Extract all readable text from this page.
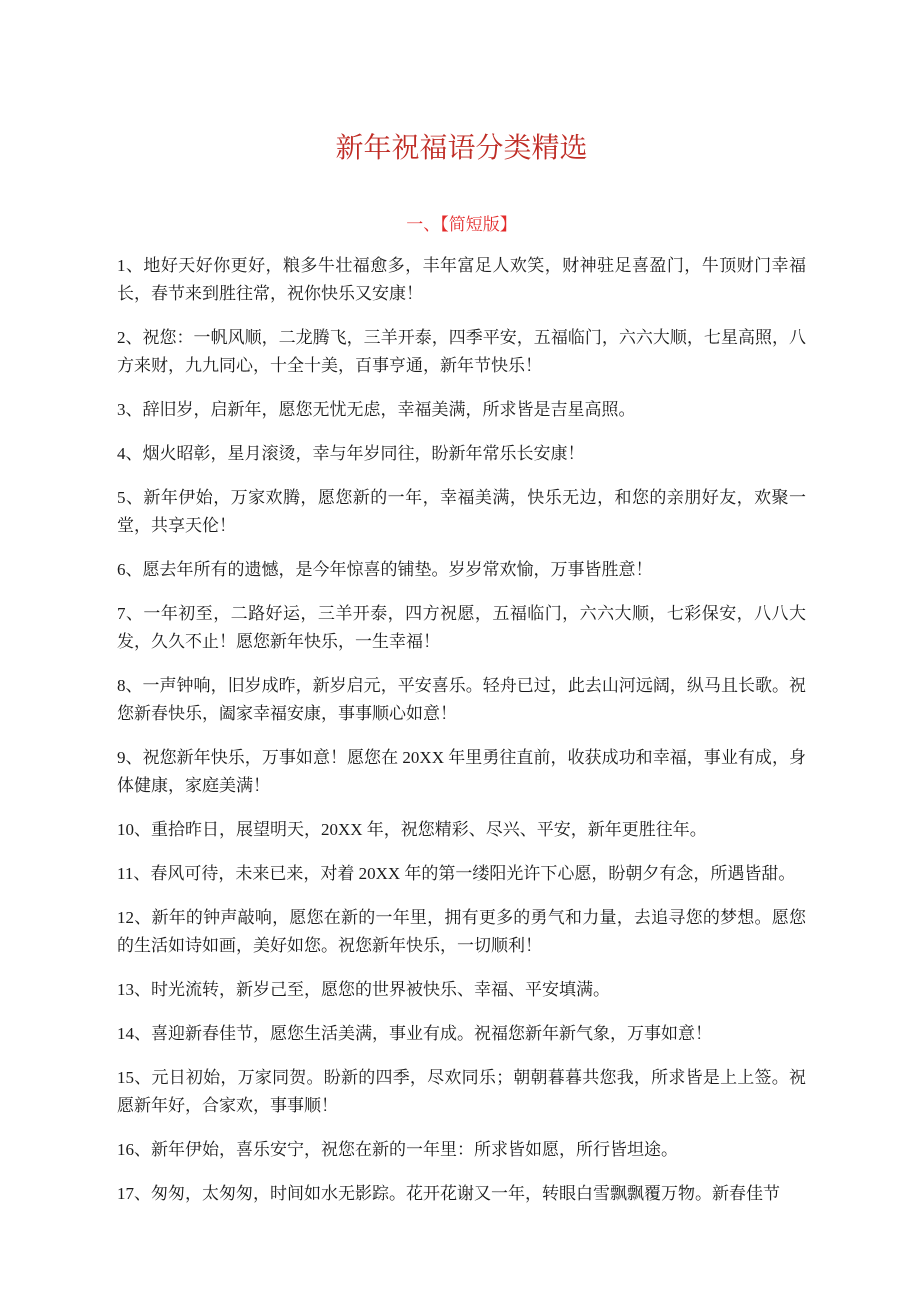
新年祝福语分类精选
一、【简短版】

1、地好天好你更好，粮多牛壮福愈多，丰年富足人欢笑，财神驻足喜盈门，牛顶财门幸福长，春节来到胜往常，祝你快乐又安康！

2、祝您：一帆风顺，二龙腾飞，三羊开泰，四季平安，五福临门，六六大顺，七星高照，八方来财，九九同心，十全十美，百事亨通，新年节快乐！

3、辞旧岁，启新年，愿您无忧无虑，幸福美满，所求皆是吉星高照。

4、烟火昭彰，星月滚烫，幸与年岁同往，盼新年常乐长安康！

5、新年伊始，万家欢腾，愿您新的一年，幸福美满，快乐无边，和您的亲朋好友，欢聚一堂，共享天伦！

6、愿去年所有的遗憾，是今年惊喜的铺垫。岁岁常欢愉，万事皆胜意！

7、一年初至，二路好运，三羊开泰，四方祝愿，五福临门，六六大顺，七彩保安，八八大发，久久不止！愿您新年快乐，一生幸福！

8、一声钟响，旧岁成昨，新岁启元，平安喜乐。轻舟已过，此去山河远阔，纵马且长歌。祝您新春快乐，阖家幸福安康，事事顺心如意！

9、祝您新年快乐，万事如意！愿您在 20XX 年里勇往直前，收获成功和幸福，事业有成，身体健康，家庭美满！

10、重拾昨日，展望明天，20XX 年，祝您精彩、尽兴、平安，新年更胜往年。

11、春风可待，未来已来，对着 20XX 年的第一缕阳光许下心愿，盼朝夕有念，所遇皆甜。

12、新年的钟声敲响，愿您在新的一年里，拥有更多的勇气和力量，去追寻您的梦想。愿您的生活如诗如画，美好如您。祝您新年快乐，一切顺利！

13、时光流转，新岁己至，愿您的世界被快乐、幸福、平安填满。

14、喜迎新春佳节，愿您生活美满，事业有成。祝福您新年新气象，万事如意！

15、元日初始，万家同贺。盼新的四季，尽欢同乐；朝朝暮暮共您我，所求皆是上上签。祝愿新年好，合家欢，事事顺！

16、新年伊始，喜乐安宁，祝您在新的一年里：所求皆如愿，所行皆坦途。

17、匆匆，太匆匆，时间如水无影踪。花开花谢又一年，转眼白雪飘飘覆万物。新春佳节
